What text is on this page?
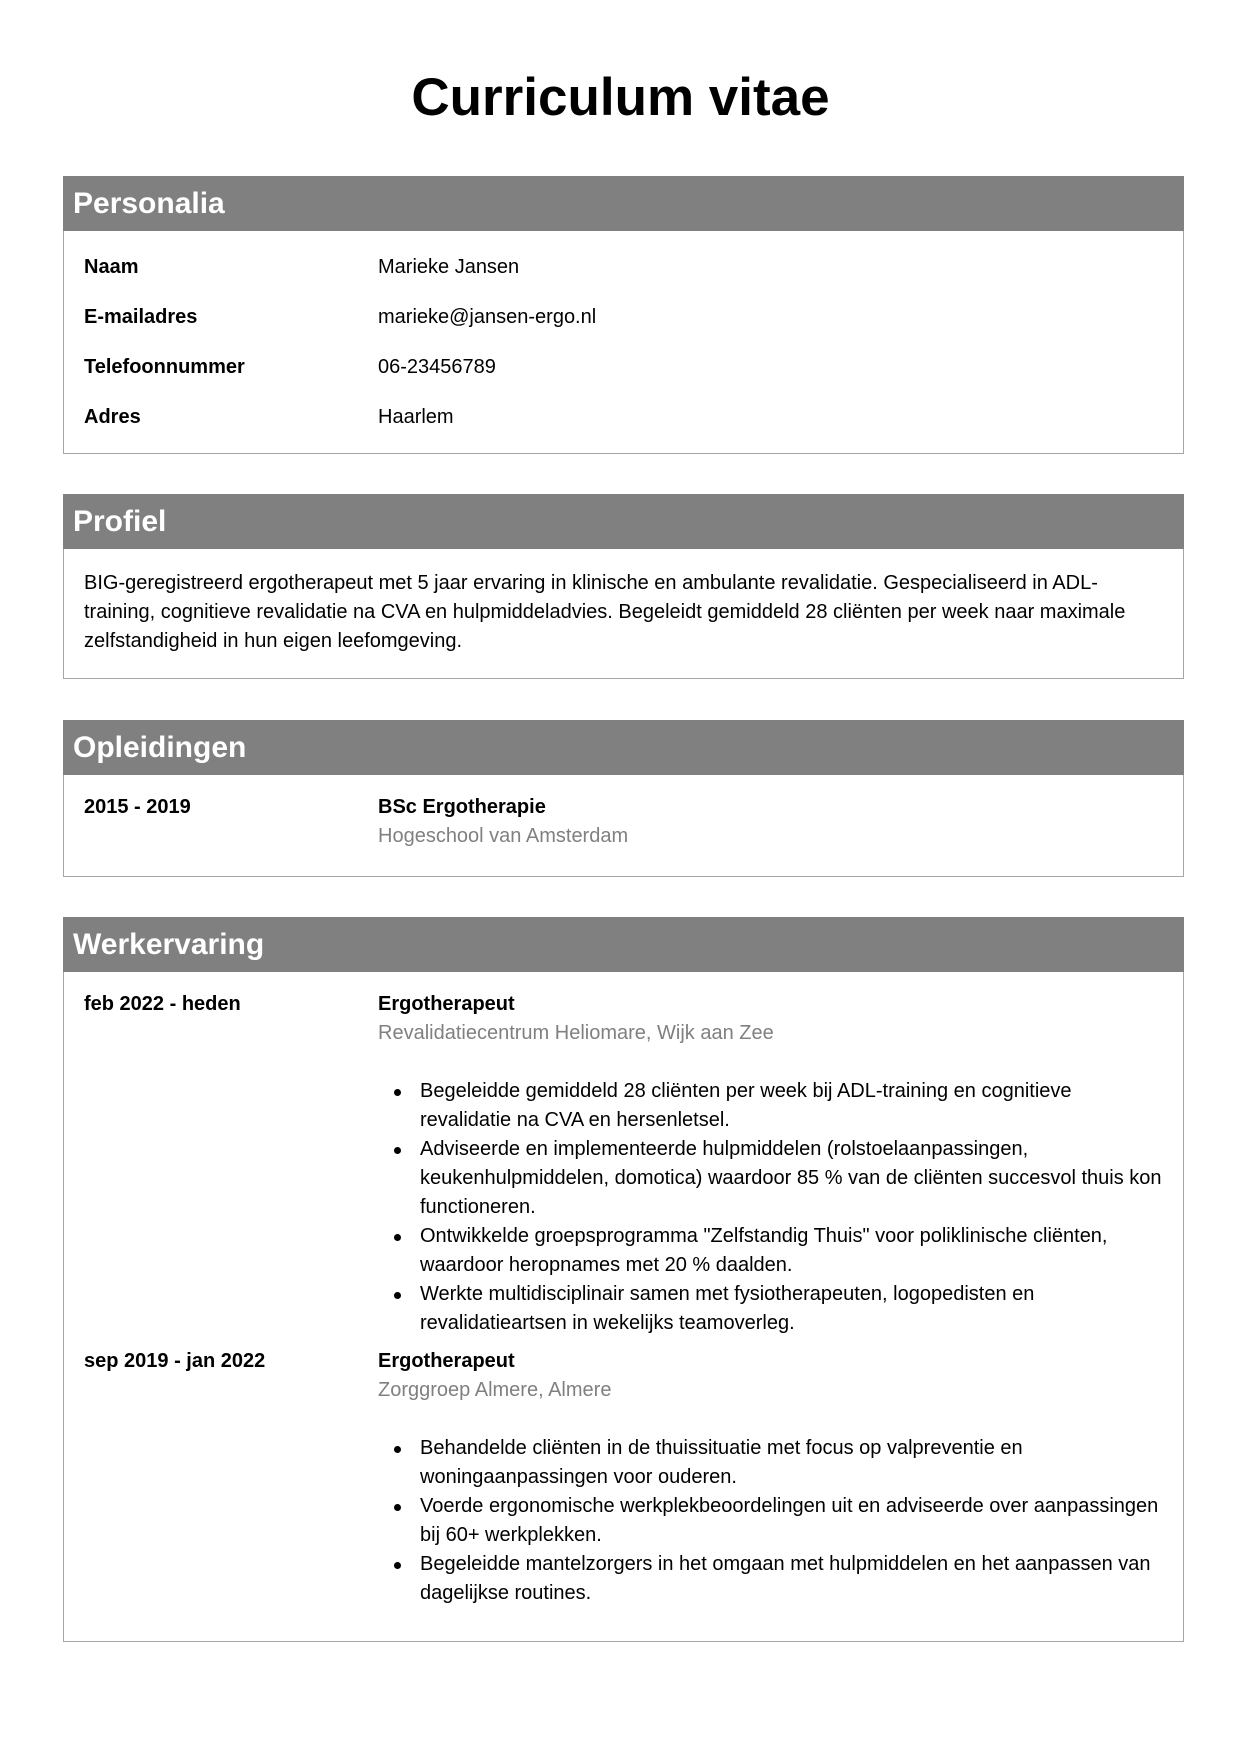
Curriculum vitae
Personalia
Naam	Marieke Jansen
E-mailadres	marieke@jansen-ergo.nl
Telefoonnummer	06-23456789
Adres	Haarlem
Profiel

BIG-geregistreerd ergotherapeut met 5 jaar ervaring in klinische en ambulante revalidatie. Gespecialiseerd in ADL-training, cognitieve revalidatie na CVA en hulpmiddeladvies. Begeleidt gemiddeld 28 cliënten per week naar maximale zelfstandigheid in hun eigen leefomgeving.

Opleidingen
2015 - 2019	BSc Ergotherapie
Hogeschool van Amsterdam
Werkervaring
feb 2022 - heden	Ergotherapeut
Revalidatiecentrum Heliomare, Wijk aan Zee
Begeleidde gemiddeld 28 cliënten per week bij ADL-training en cognitieve revalidatie na CVA en hersenletsel.
Adviseerde en implementeerde hulpmiddelen (rolstoelaanpassingen, keukenhulpmiddelen, domotica) waardoor 85 % van de cliënten succesvol thuis kon functioneren.
Ontwikkelde groepsprogramma "Zelfstandig Thuis" voor poliklinische cliënten, waardoor heropnames met 20 % daalden.
Werkte multidisciplinair samen met fysiotherapeuten, logopedisten en revalidatieartsen in wekelijks teamoverleg.
sep 2019 - jan 2022	Ergotherapeut
Zorggroep Almere, Almere
Behandelde cliënten in de thuissituatie met focus op valpreventie en woningaanpassingen voor ouderen.
Voerde ergonomische werkplekbeoordelingen uit en adviseerde over aanpassingen bij 60+ werkplekken.
Begeleidde mantelzorgers in het omgaan met hulpmiddelen en het aanpassen van dagelijkse routines.
